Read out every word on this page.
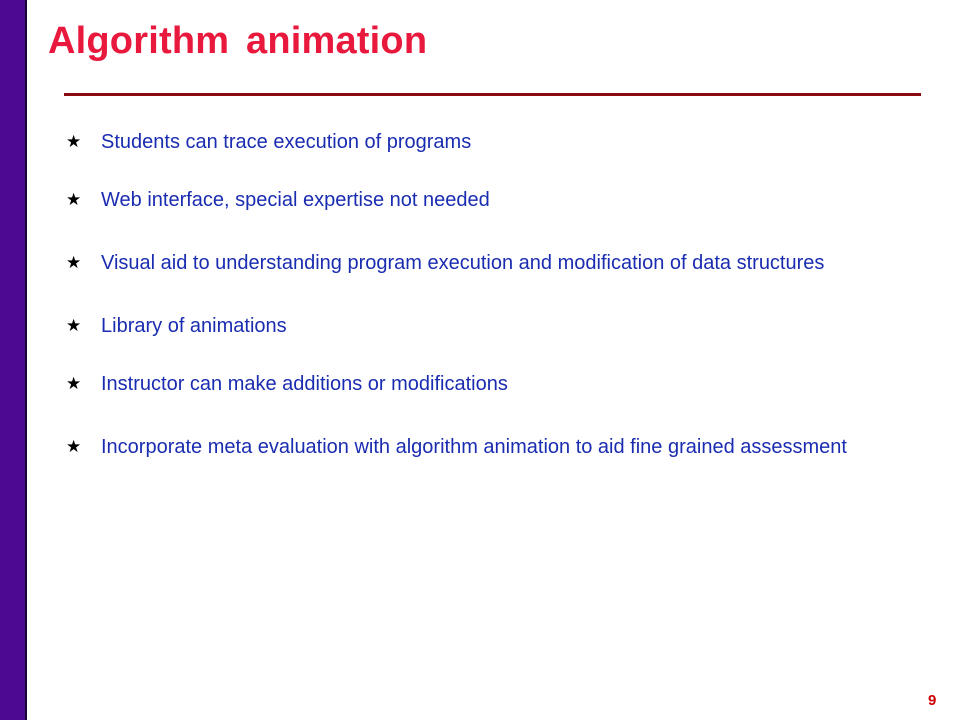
Algorithm animation
★ Students can trace execution of programs
★ Web interface, special expertise not needed
★ Visual aid to understanding program execution and modification of data structures
★ Library of animations
★ Instructor can make additions or modifications
★ Incorporate meta evaluation with algorithm animation to aid fine grained assessment
9
